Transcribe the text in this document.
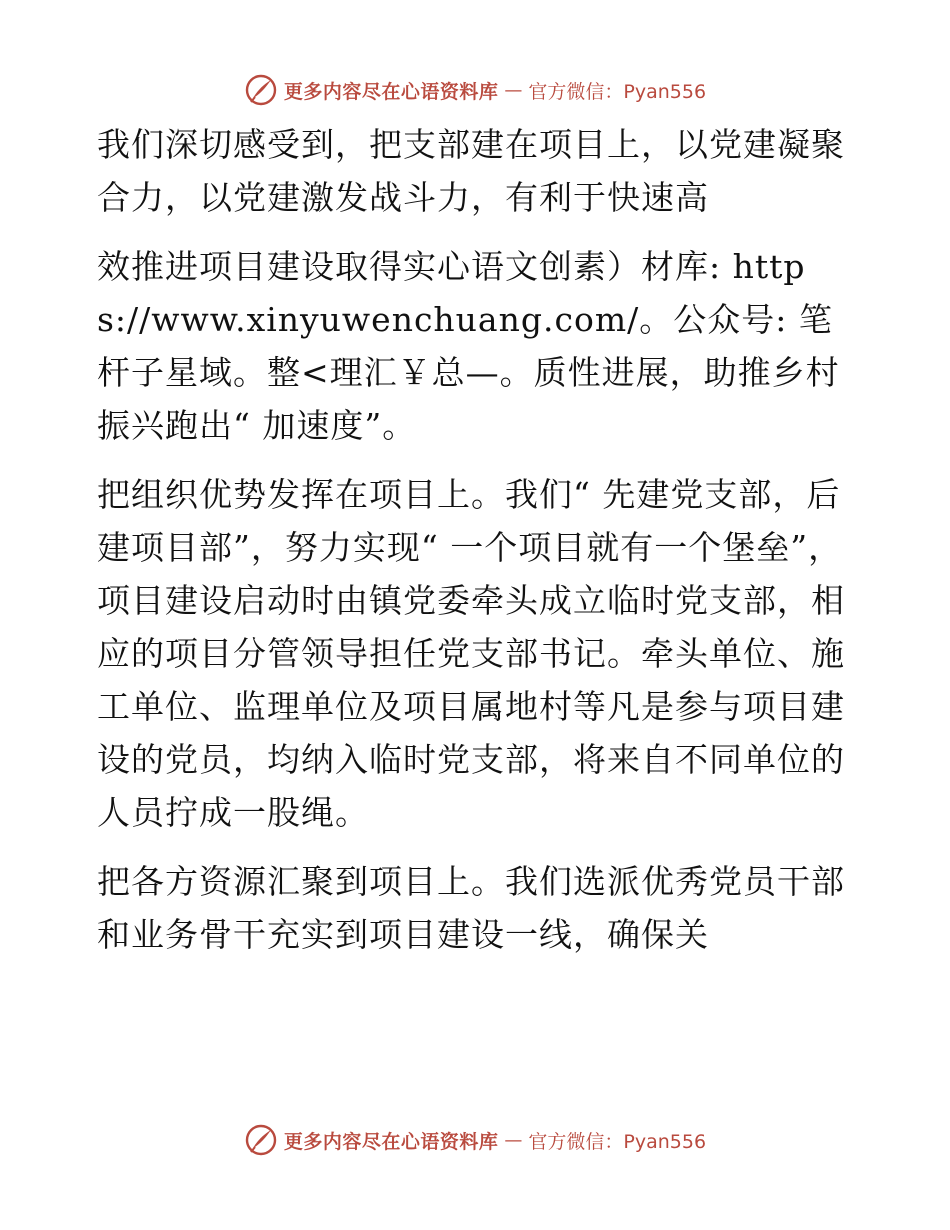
更多内容尽在心语资料库 — 官方微信：Pyan556

我们深切感受到，把支部建在项目上，以党建凝聚合力，以党建激发战斗力，有利于快速高

效推进项目建设取得实心语文创素）材库: https://www.xinyuwenchuang.com/。公众号: 笔杆子星域。整<理汇￥总—。质性进展，助推乡村振兴跑出“ 加速度”。

把组织优势发挥在项目上。我们“ 先建党支部，后建项目部”，努力实现“ 一个项目就有一个堡垒”，项目建设启动时由镇党委牵头成立临时党支部，相应的项目分管领导担任党支部书记。牵头单位、施工单位、监理单位及项目属地村等凡是参与项目建设的党员，均纳入临时党支部，将来自不同单位的人员拧成一股绳。

把各方资源汇聚到项目上。我们选派优秀党员干部和业务骨干充实到项目建设一线，确保关

更多内容尽在心语资料库 — 官方微信：Pyan556
